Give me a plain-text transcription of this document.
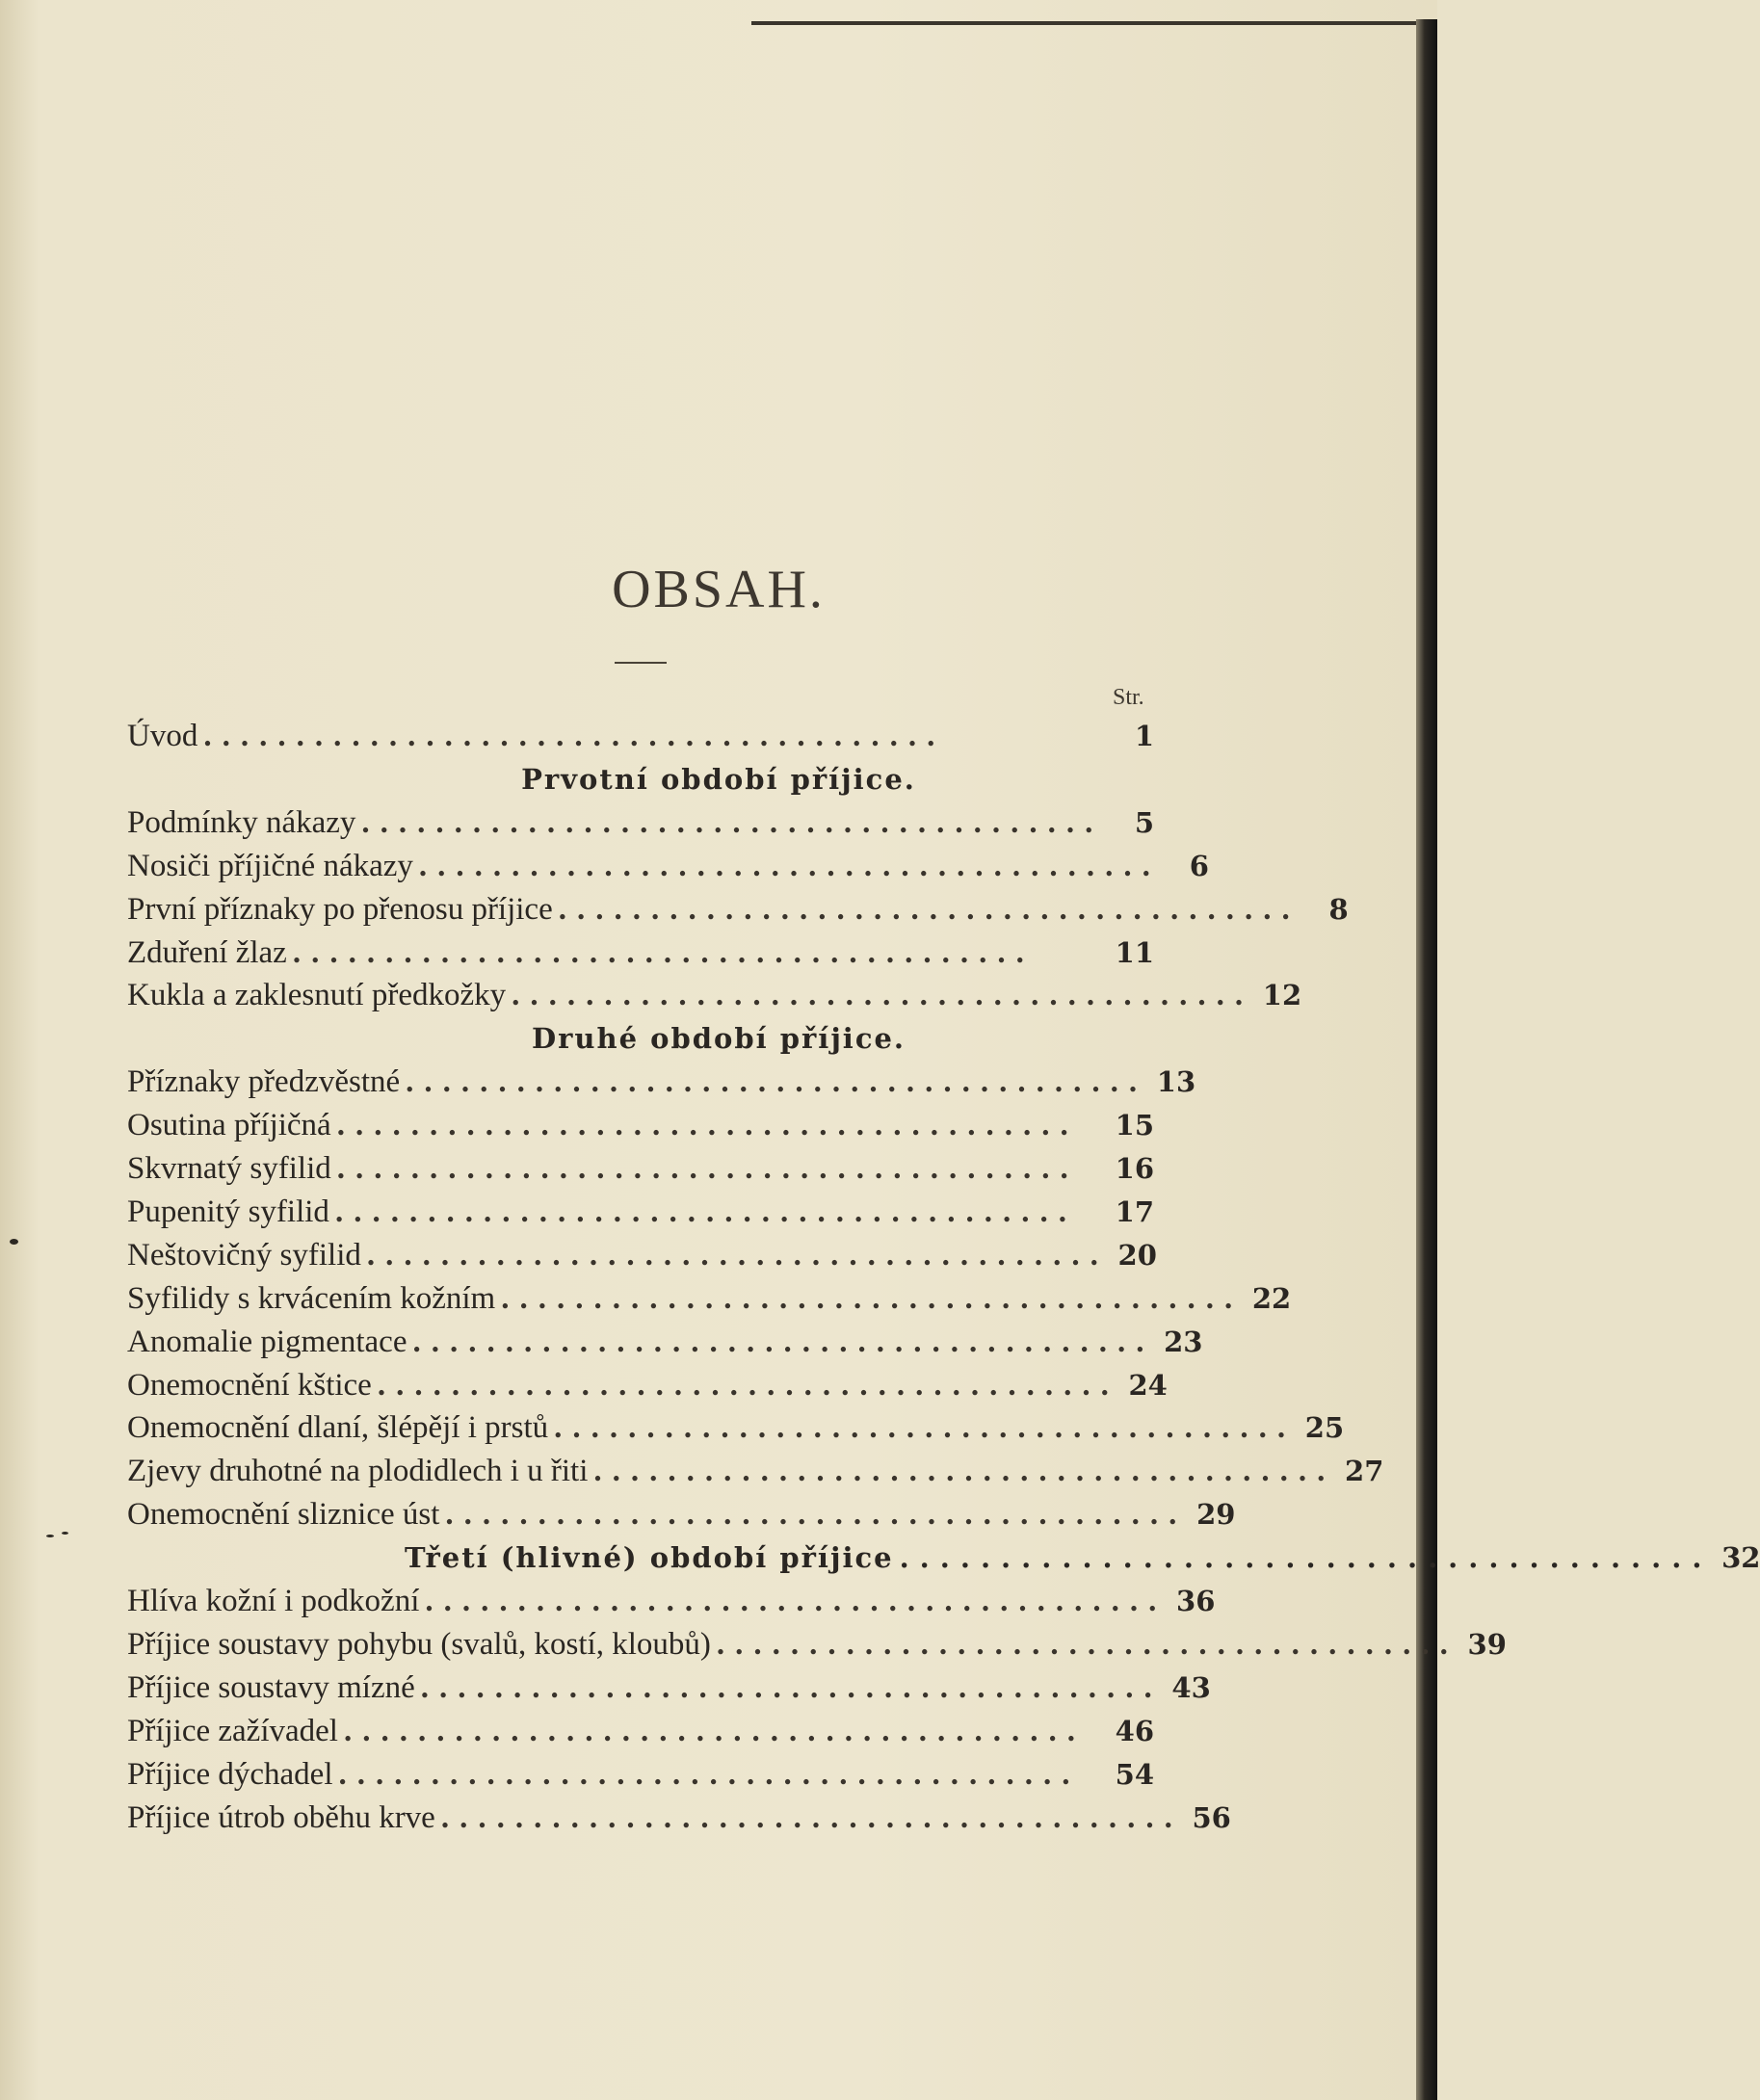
OBSAH.
Str.
Úvod ........................................	1
Prvotní období příjice.
Podmínky nákazy ........................................	5
Nosiči příjičné nákazy ........................................	6
První příznaky po přenosu příjice ........................................	8
Zduření žlaz ........................................	11
Kukla a zaklesnutí předkožky ........................................ 12
Druhé období příjice.
Příznaky předzvěstné ........................................ 13
Osutina příjičná ........................................	15
Skvrnatý syfilid ........................................	16
Pupenitý syfilid ........................................	17
Neštovičný syfilid ........................................ 20
Syfilidy s krvácením kožním ........................................ 22
Anomalie pigmentace ........................................ 23
Onemocnění kštice ........................................ 24
Onemocnění dlaní, šlépějí i prstů ........................................ 25
Zjevy druhotné na plodidlech i u řiti ........................................ 27
Onemocnění sliznice úst ........................................ 29
Třetí (hlivné) období příjice ........................................ 32
Hlíva kožní i podkožní ........................................ 36
Příjice soustavy pohybu (svalů, kostí, kloubů) ........................................ 39
Příjice soustavy mízné ........................................ 43
Příjice zažívadel ........................................	46
Příjice dýchadel ........................................	54
Příjice útrob oběhu krve ........................................ 56
